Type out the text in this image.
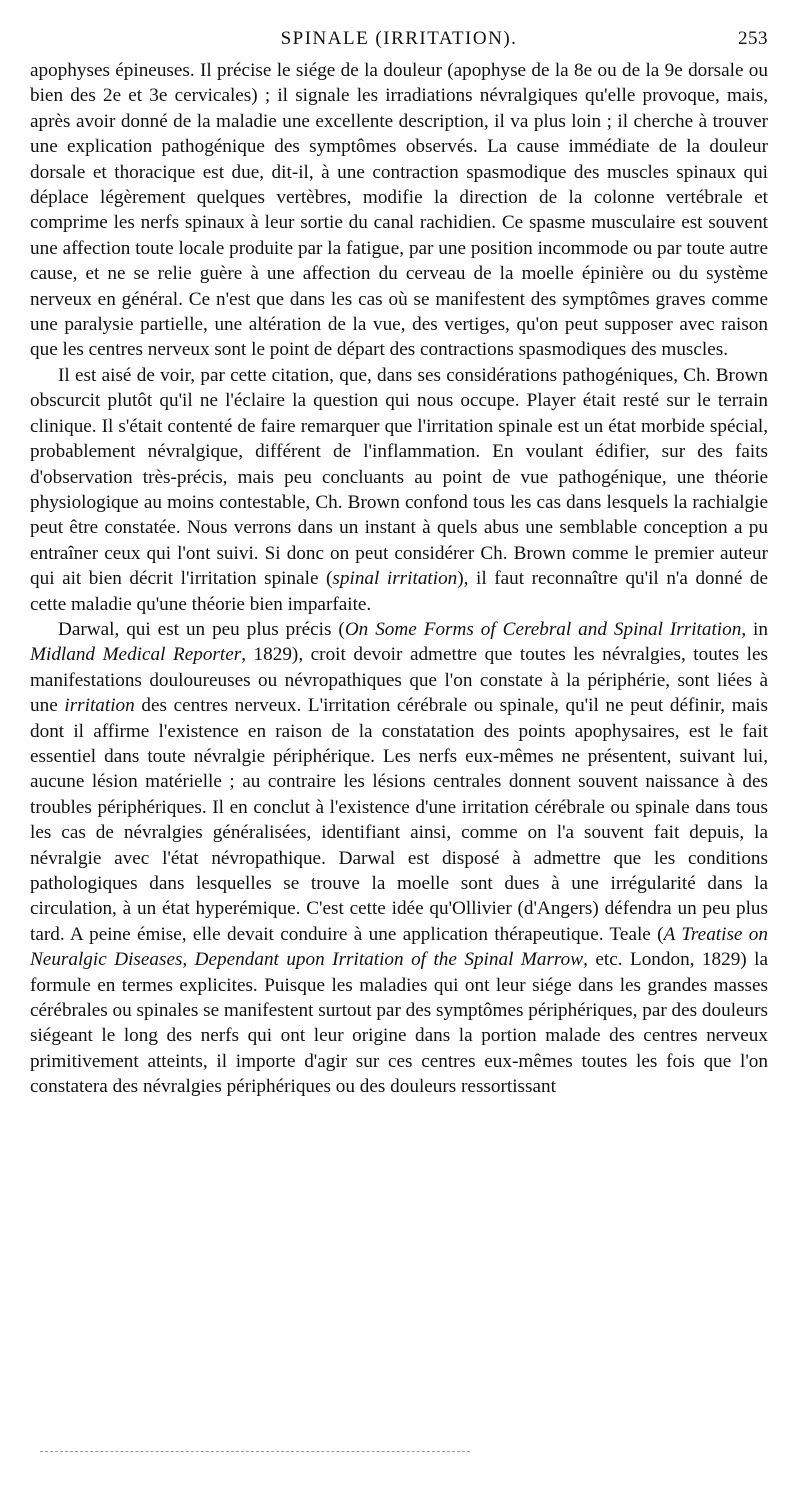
SPINALE (IRRITATION).	253

apophyses épineuses. Il précise le siége de la douleur (apophyse de la 8e ou de la 9e dorsale ou bien des 2e et 3e cervicales) ; il signale les irradiations névralgiques qu'elle provoque, mais, après avoir donné de la maladie une excellente description, il va plus loin ; il cherche à trouver une explication pathogénique des symptômes observés. La cause immédiate de la douleur dorsale et thoracique est due, dit-il, à une contraction spasmodique des muscles spinaux qui déplace légèrement quelques vertèbres, modifie la direction de la colonne vertébrale et comprime les nerfs spinaux à leur sortie du canal rachidien. Ce spasme musculaire est souvent une affection toute locale produite par la fatigue, par une position incommode ou par toute autre cause, et ne se relie guère à une affection du cerveau de la moelle épinière ou du système nerveux en général. Ce n'est que dans les cas où se manifestent des symptômes graves comme une paralysie partielle, une altération de la vue, des vertiges, qu'on peut supposer avec raison que les centres nerveux sont le point de départ des contractions spasmodiques des muscles.

Il est aisé de voir, par cette citation, que, dans ses considérations pathogéniques, Ch. Brown obscurcit plutôt qu'il ne l'éclaire la question qui nous occupe. Player était resté sur le terrain clinique. Il s'était contenté de faire remarquer que l'irritation spinale est un état morbide spécial, probablement névralgique, différent de l'inflammation. En voulant édifier, sur des faits d'observation très-précis, mais peu concluants au point de vue pathogénique, une théorie physiologique au moins contestable, Ch. Brown confond tous les cas dans lesquels la rachialgie peut être constatée. Nous verrons dans un instant à quels abus une semblable conception a pu entraîner ceux qui l'ont suivi. Si donc on peut considérer Ch. Brown comme le premier auteur qui ait bien décrit l'irritation spinale (spinal irritation), il faut reconnaître qu'il n'a donné de cette maladie qu'une théorie bien imparfaite.

Darwal, qui est un peu plus précis (On Some Forms of Cerebral and Spinal Irritation, in Midland Medical Reporter, 1829), croit devoir admettre que toutes les névralgies, toutes les manifestations douloureuses ou névropathiques que l'on constate à la périphérie, sont liées à une irritation des centres nerveux. L'irritation cérébrale ou spinale, qu'il ne peut définir, mais dont il affirme l'existence en raison de la constatation des points apophysaires, est le fait essentiel dans toute névralgie périphérique. Les nerfs eux-mêmes ne présentent, suivant lui, aucune lésion matérielle ; au contraire les lésions centrales donnent souvent naissance à des troubles périphériques. Il en conclut à l'existence d'une irritation cérébrale ou spinale dans tous les cas de névralgies généralisées, identifiant ainsi, comme on l'a souvent fait depuis, la névralgie avec l'état névropathique. Darwal est disposé à admettre que les conditions pathologiques dans lesquelles se trouve la moelle sont dues à une irrégularité dans la circulation, à un état hyperémique. C'est cette idée qu'Ollivier (d'Angers) défendra un peu plus tard. A peine émise, elle devait conduire à une application thérapeutique. Teale (A Treatise on Neuralgic Diseases, Dependant upon Irritation of the Spinal Marrow, etc. London, 1829) la formule en termes explicites. Puisque les maladies qui ont leur siége dans les grandes masses cérébrales ou spinales se manifestent surtout par des symptômes périphériques, par des douleurs siégeant le long des nerfs qui ont leur origine dans la portion malade des centres nerveux primitivement atteints, il importe d'agir sur ces centres eux-mêmes toutes les fois que l'on constatera des névralgies périphériques ou des douleurs ressortissant
